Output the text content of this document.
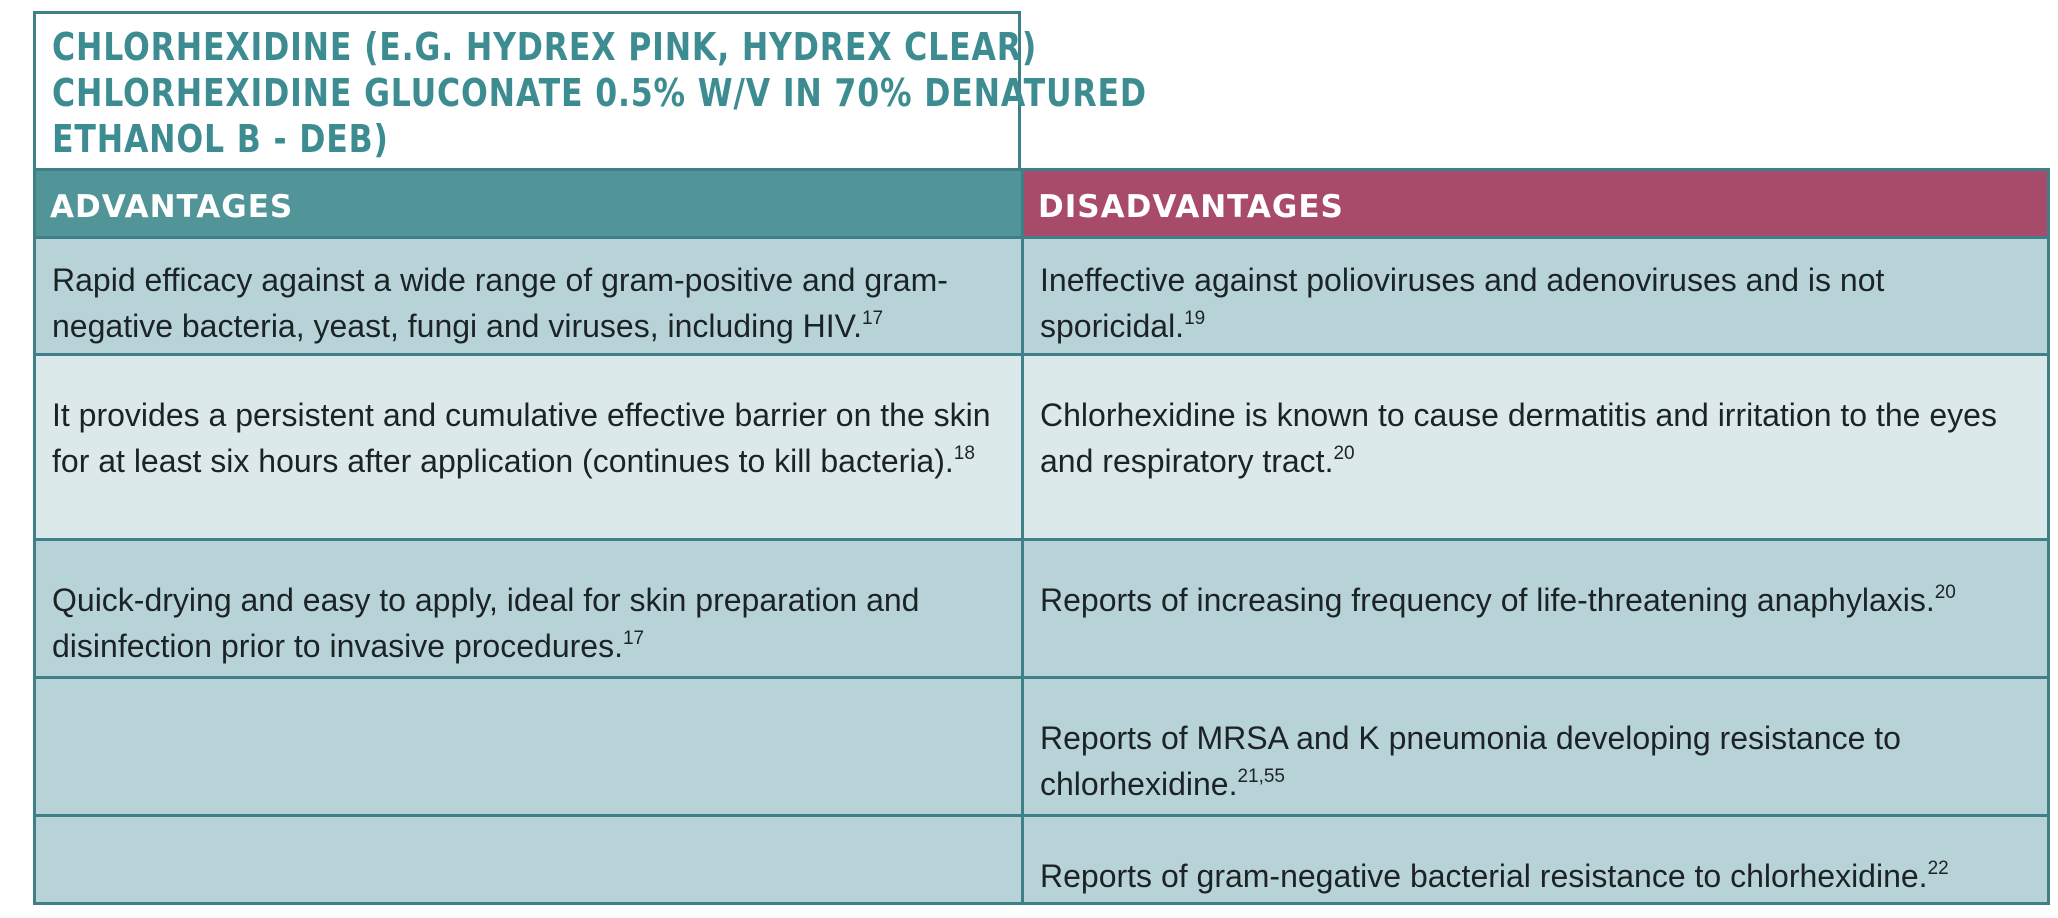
CHLORHEXIDINE (E.G. HYDREX PINK, HYDREX CLEAR)
CHLORHEXIDINE GLUCONATE 0.5% W/V IN 70% DENATURED
ETHANOL B - DEB)
ADVANTAGES	DISADVANTAGES
Rapid efficacy against a wide range of gram-positive and gram-negative bacteria, yeast, fungi and viruses, including HIV.$^{17}$
Ineffective against polioviruses and adenoviruses and is not sporicidal.$^{19}$
It provides a persistent and cumulative effective barrier on the skin for at least six hours after application (continues to kill bacteria).$^{18}$
Chlorhexidine is known to cause dermatitis and irritation to the eyes and respiratory tract.$^{20}$
Quick-drying and easy to apply, ideal for skin preparation and disinfection prior to invasive procedures.$^{17}$
Reports of increasing frequency of life-threatening anaphylaxis.$^{20}$
Reports of MRSA and K pneumonia developing resistance to chlorhexidine.$^{21,55}$
Reports of gram-negative bacterial resistance to chlorhexidine.$^{22}$
